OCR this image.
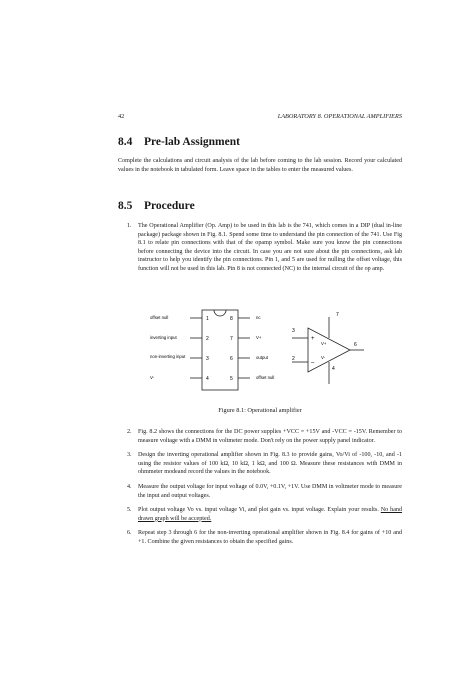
42	LABORATORY 8. OPERATIONAL AMPLIFIERS
8.4 Pre-lab Assignment
Complete the calculations and circuit analysis of the lab before coming to the lab session. Record your calculated values in the notebook in tabulated form. Leave space in the tables to enter the measured values.
8.5 Procedure
1. The Operational Amplifier (Op. Amp) to be used in this lab is the 741, which comes in a DIP (dual in-line package) package shown in Fig. 8.1. Spend some time to understand the pin connection of the 741. Use Fig 8.1 to relate pin connections with that of the opamp symbol. Make sure you know the pin connections before connecting the device into the circuit. In case you are not sure about the pin connections, ask lab instructor to help you identify the pin connections. Pin 1, and 5 are used for nulling the offset voltage, this function will not be used in this lab. Pin 8 is not connected (NC) to the internal circuit of the op amp.
1
2
3
4
8
7
6
5
offset null
inverting input
non-inverting input
V-
nc
V+
output
offset null
+
–
V+
V-
7
3
2
6
4
Figure 8.1: Operational amplifier
2. Fig. 8.2 shows the connections for the DC power supplies +VCC = +15V and -VCC = -15V. Remember to measure voltage with a DMM in voltmeter mode. Don't rely on the power supply panel indicator.
3. Design the inverting operational amplifier shown in Fig. 8.3 to provide gains, Vo/Vi of -100, -10, and -1 using the resistor values of 100 kΩ, 10 kΩ, 1 kΩ, and 100 Ω. Measure these resistances with DMM in ohmmeter modeand record the values in the notebook.
4. Measure the output voltage for input voltage of 0.0V, +0.1V, +1V. Use DMM in voltmeter mode to measure the input and output voltages.
5. Plot output voltage Vo vs. input voltage Vi, and plot gain vs. input voltage. Explain your results. No hand drawn graph will be accepted.
6. Repeat step 3 through 6 for the non-inverting operational amplifier shown in Fig. 8.4 for gains of +10 and +1. Combine the given resistances to obtain the specified gains.
